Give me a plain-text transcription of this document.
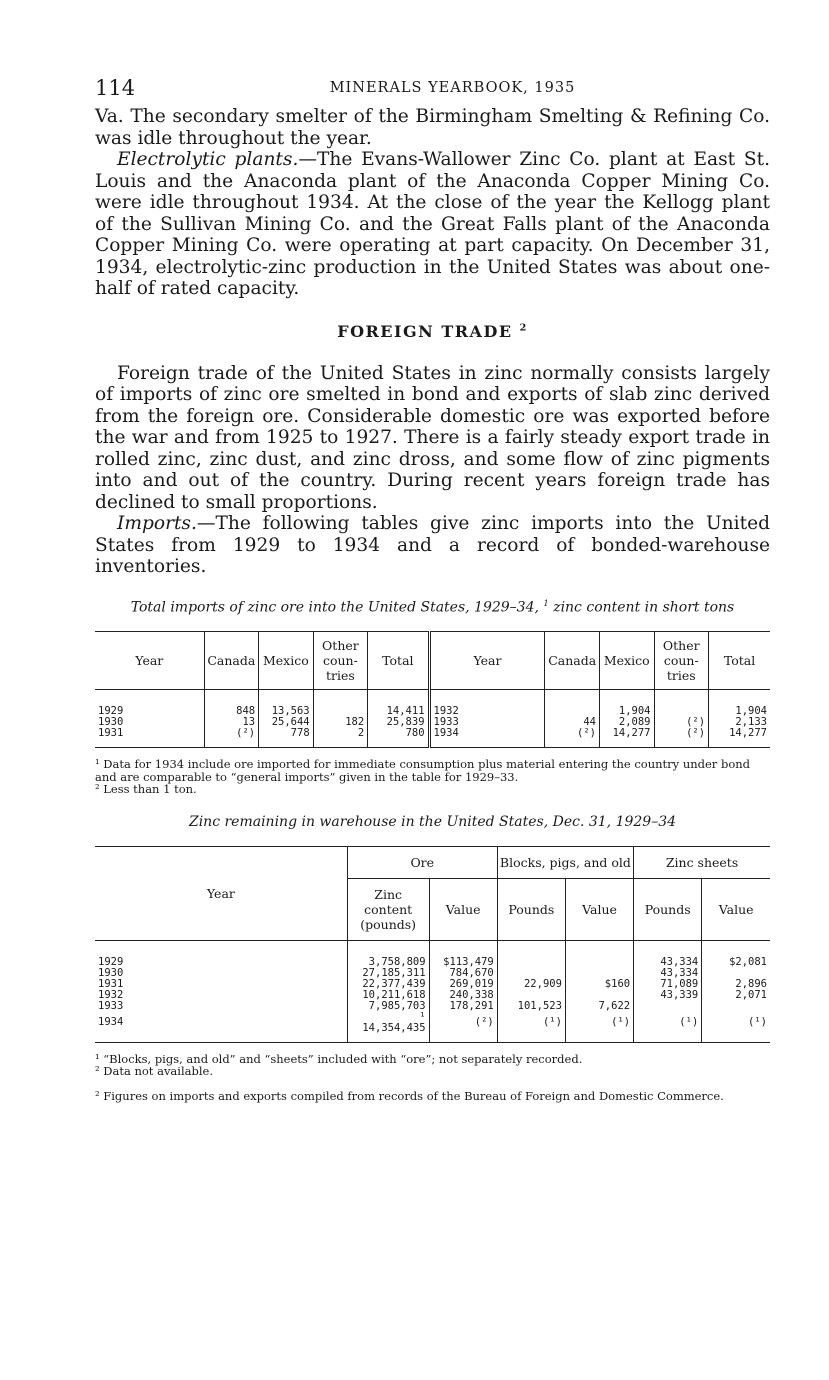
114	MINERALS YEARBOOK, 1935

Va. The secondary smelter of the Birmingham Smelting & Refining Co. was idle throughout the year.

Electrolytic plants.—The Evans-Wallower Zinc Co. plant at East St. Louis and the Anaconda plant of the Anaconda Copper Mining Co. were idle throughout 1934. At the close of the year the Kellogg plant of the Sullivan Mining Co. and the Great Falls plant of the Anaconda Copper Mining Co. were operating at part capacity. On December 31, 1934, electrolytic-zinc production in the United States was about one-half of rated capacity.

FOREIGN TRADE $^2$

Foreign trade of the United States in zinc normally consists largely of imports of zinc ore smelted in bond and exports of slab zinc derived from the foreign ore. Considerable domestic ore was exported before the war and from 1925 to 1927. There is a fairly steady export trade in rolled zinc, zinc dust, and zinc dross, and some flow of zinc pigments into and out of the country. During recent years foreign trade has declined to small proportions.

Imports.—The following tables give zinc imports into the United States from 1929 to 1934 and a record of bonded-warehouse inventories.

Total imports of zinc ore into the United States, 1929–34, $^1$ zinc content in short tons
Year	Canada	Mexico	Other coun- tries	Total	Year	Canada	Mexico	Other coun- tries	Total
1929	848	13,563		14,411	1932		1,904		1,904
1930	13	25,644	182	25,839	1933	44	2,089	(²)	2,133
1931	(²)	778	2	780	1934	(²)	14,277	(²)	14,277
¹ Data for 1934 include ore imported for immediate consumption plus material entering the country under bond and are comparable to “general imports” given in the table for 1929–33.
² Less than 1 ton.
Zinc remaining in warehouse in the United States, Dec. 31, 1929–34
Year	Ore		Blocks, pigs, and old		Zinc sheets	
	Zinc content (pounds)	Value	Pounds	Value	Pounds	Value
1929	3,758,809	$113,479			43,334	$2,081
1930	27,185,311	784,670			43,334	
1931	22,377,439	269,019	22,909	$160	71,089	2,896
1932	10,211,618	240,338			43,339	2,071
1933	7,985,703	178,291	101,523	7,622		
1934	¹ 14,354,435	(²)	(¹)	(¹)	(¹)	(¹)
¹ “Blocks, pigs, and old” and “sheets” included with “ore”; not separately recorded.
² Data not available.
² Figures on imports and exports compiled from records of the Bureau of Foreign and Domestic Commerce.
